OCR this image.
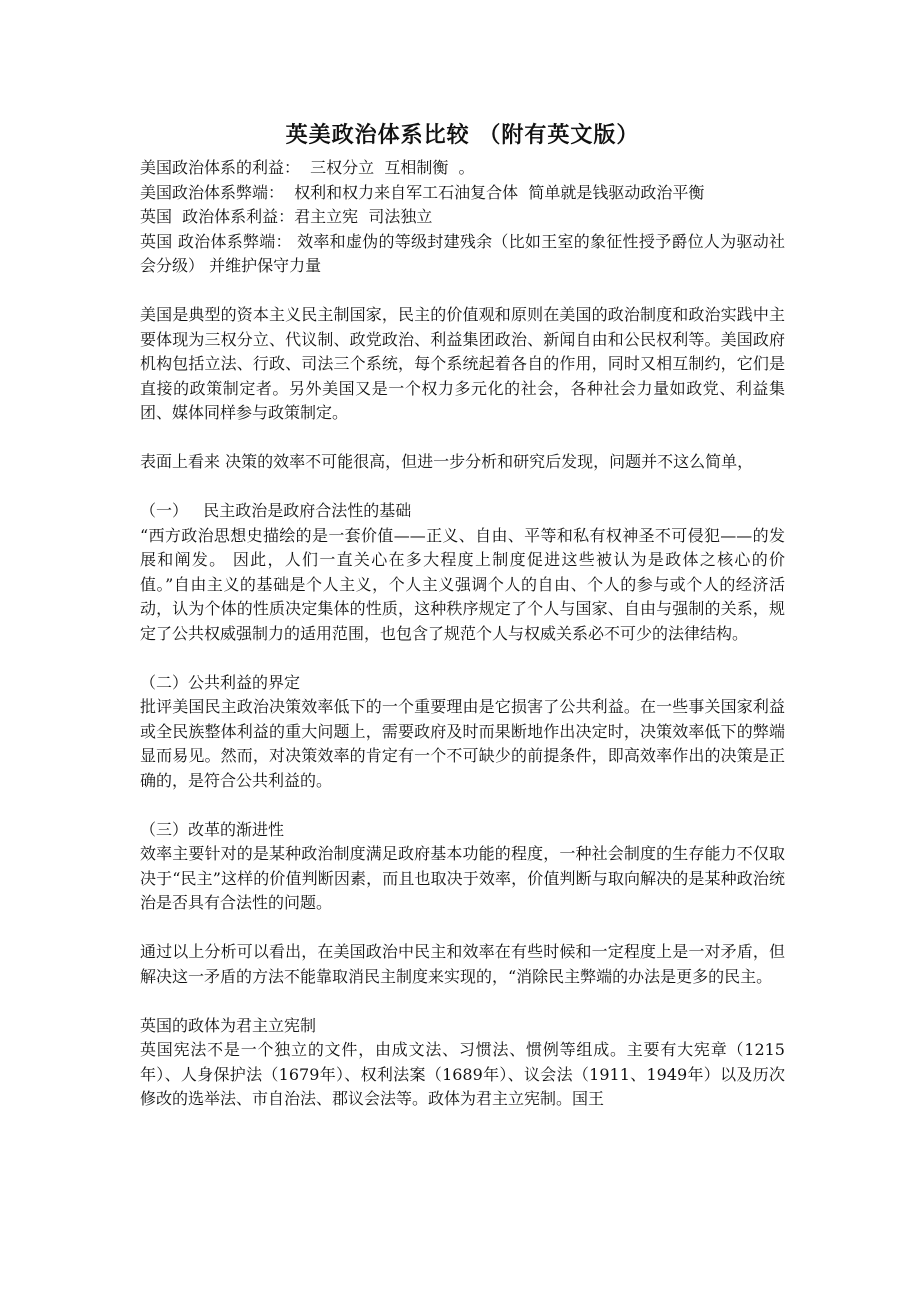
英美政治体系比较 （附有英文版）

美国政治体系的利益：  三权分立  互相制衡  。

美国政治体系弊端：  权利和权力来自军工石油复合体  简单就是钱驱动政治平衡

英国  政治体系利益：君主立宪  司法独立

英国 政治体系弊端： 效率和虚伪的等级封建残余（比如王室的象征性授予爵位人为驱动社会分级） 并维护保守力量

美国是典型的资本主义民主制国家，民主的价值观和原则在美国的政治制度和政治实践中主要体现为三权分立、代议制、政党政治、利益集团政治、新闻自由和公民权利等。美国政府机构包括立法、行政、司法三个系统，每个系统起着各自的作用，同时又相互制约，它们是直接的政策制定者。另外美国又是一个权力多元化的社会，各种社会力量如政党、利益集团、媒体同样参与政策制定。

表面上看来 决策的效率不可能很高，但进一步分析和研究后发现，问题并不这么简单，

（一）   民主政治是政府合法性的基础

“西方政治思想史描绘的是一套价值——正义、自由、平等和私有权神圣不可侵犯——的发展和阐发。 因此，人们一直关心在多大程度上制度促进这些被认为是政体之核心的价值。”自由主义的基础是个人主义，个人主义强调个人的自由、个人的参与或个人的经济活动，认为个体的性质决定集体的性质，这种秩序规定了个人与国家、自由与强制的关系，规定了公共权威强制力的适用范围，也包含了规范个人与权威关系必不可少的法律结构。

（二）公共利益的界定

批评美国民主政治决策效率低下的一个重要理由是它损害了公共利益。在一些事关国家利益或全民族整体利益的重大问题上，需要政府及时而果断地作出决定时，决策效率低下的弊端显而易见。然而，对决策效率的肯定有一个不可缺少的前提条件，即高效率作出的决策是正确的，是符合公共利益的。

（三）改革的渐进性

效率主要针对的是某种政治制度满足政府基本功能的程度，一种社会制度的生存能力不仅取决于“民主”这样的价值判断因素，而且也取决于效率，价值判断与取向解决的是某种政治统治是否具有合法性的问题。

通过以上分析可以看出，在美国政治中民主和效率在有些时候和一定程度上是一对矛盾，但解决这一矛盾的方法不能靠取消民主制度来实现的，“消除民主弊端的办法是更多的民主。

英国的政体为君主立宪制

英国宪法不是一个独立的文件，由成文法、习惯法、惯例等组成。主要有大宪章（1215年）、人身保护法（1679年）、权利法案（1689年）、议会法（1911、1949年）以及历次修改的选举法、市自治法、郡议会法等。政体为君主立宪制。国王
